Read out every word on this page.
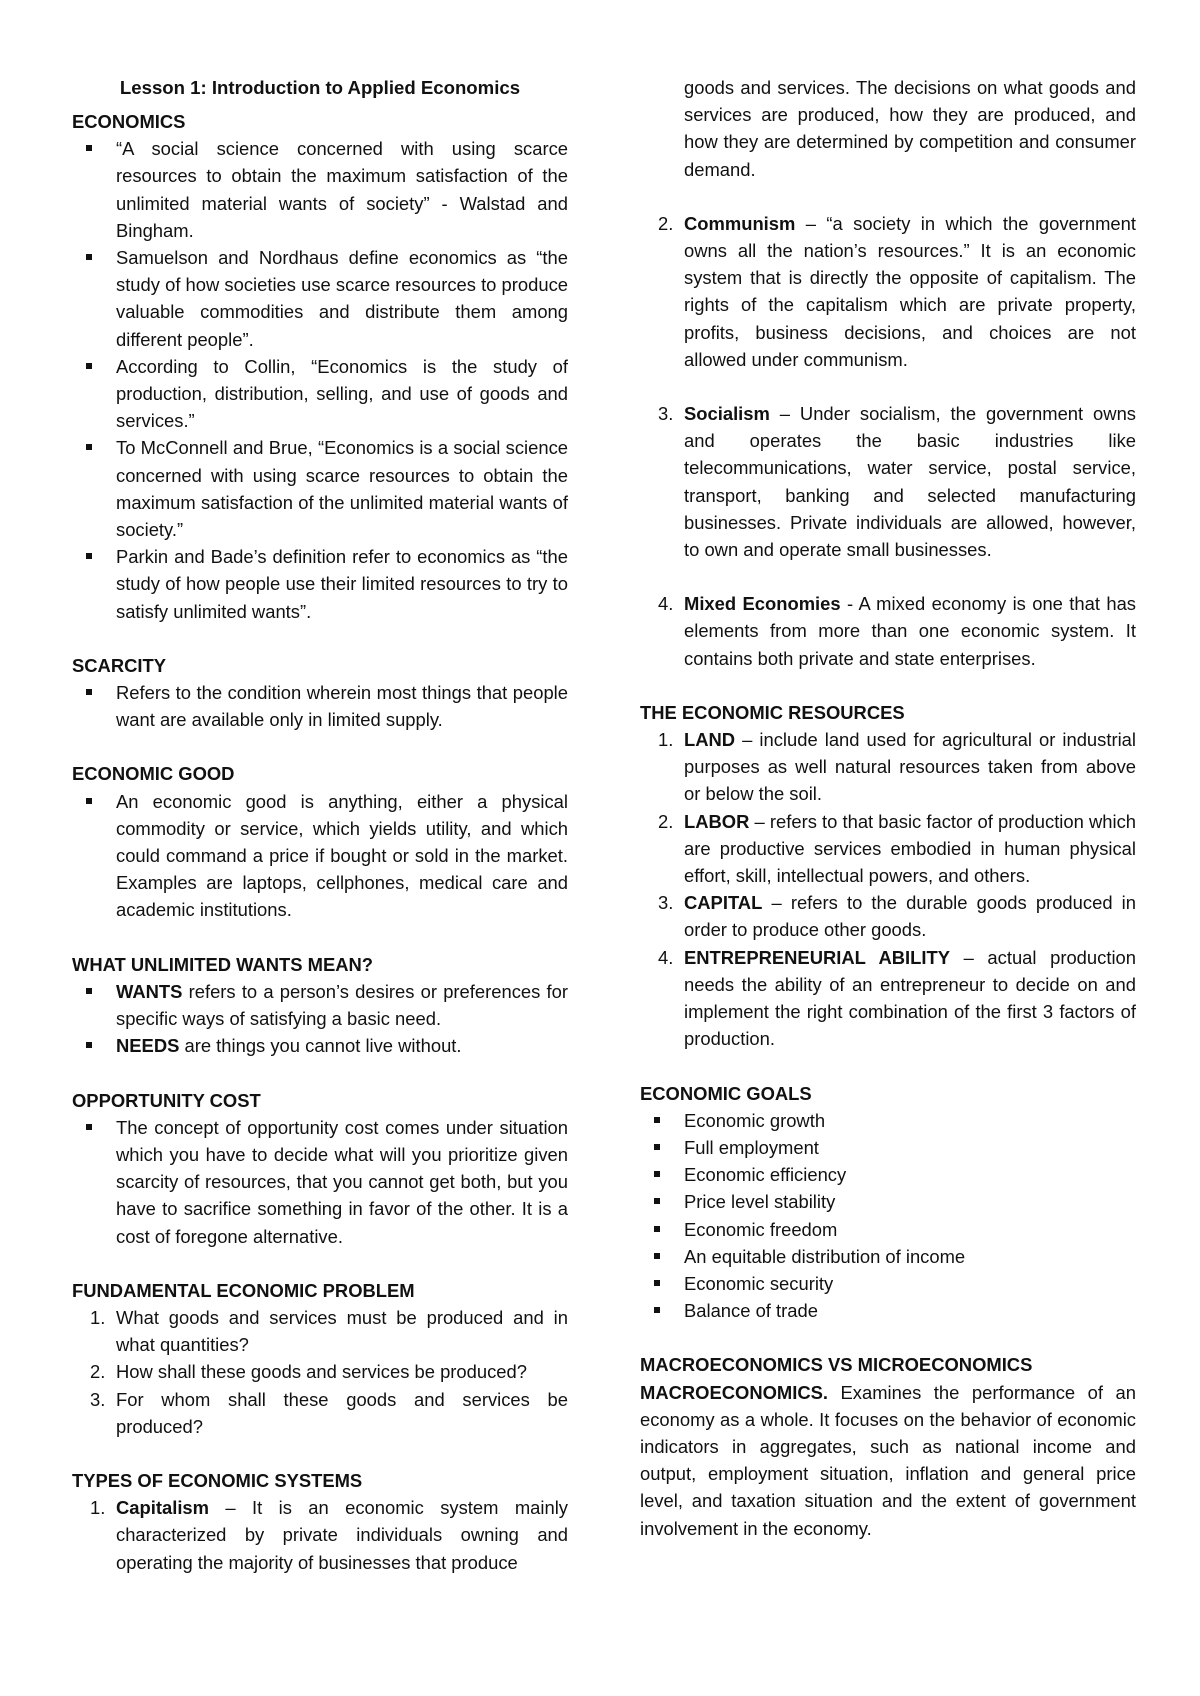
Lesson 1: Introduction to Applied Economics
ECONOMICS
“A social science concerned with using scarce resources to obtain the maximum satisfaction of the unlimited material wants of society” - Walstad and Bingham.
Samuelson and Nordhaus define economics as “the study of how societies use scarce resources to produce valuable commodities and distribute them among different people”.
According to Collin, “Economics is the study of production, distribution, selling, and use of goods and services.”
To McConnell and Brue, “Economics is a social science concerned with using scarce resources to obtain the maximum satisfaction of the unlimited material wants of society.”
Parkin and Bade’s definition refer to economics as “the study of how people use their limited resources to try to satisfy unlimited wants”.
SCARCITY
Refers to the condition wherein most things that people want are available only in limited supply.
ECONOMIC GOOD
An economic good is anything, either a physical commodity or service, which yields utility, and which could command a price if bought or sold in the market. Examples are laptops, cellphones, medical care and academic institutions.
WHAT UNLIMITED WANTS MEAN?
WANTS refers to a person’s desires or preferences for specific ways of satisfying a basic need.
NEEDS are things you cannot live without.
OPPORTUNITY COST
The concept of opportunity cost comes under situation which you have to decide what will you prioritize given scarcity of resources, that you cannot get both, but you have to sacrifice something in favor of the other. It is a cost of foregone alternative.
FUNDAMENTAL ECONOMIC PROBLEM
1. What goods and services must be produced and in what quantities?
2. How shall these goods and services be produced?
3. For whom shall these goods and services be produced?
TYPES OF ECONOMIC SYSTEMS
1. Capitalism – It is an economic system mainly characterized by private individuals owning and operating the majority of businesses that produce
goods and services. The decisions on what goods and services are produced, how they are produced, and how they are determined by competition and consumer demand.
2. Communism – “a society in which the government owns all the nation’s resources.” It is an economic system that is directly the opposite of capitalism. The rights of the capitalism which are private property, profits, business decisions, and choices are not allowed under communism.
3. Socialism – Under socialism, the government owns and operates the basic industries like telecommunications, water service, postal service, transport, banking and selected manufacturing businesses. Private individuals are allowed, however, to own and operate small businesses.
4. Mixed Economies - A mixed economy is one that has elements from more than one economic system. It contains both private and state enterprises.
THE ECONOMIC RESOURCES
1. LAND – include land used for agricultural or industrial purposes as well natural resources taken from above or below the soil.
2. LABOR – refers to that basic factor of production which are productive services embodied in human physical effort, skill, intellectual powers, and others.
3. CAPITAL – refers to the durable goods produced in order to produce other goods.
4. ENTREPRENEURIAL ABILITY – actual production needs the ability of an entrepreneur to decide on and implement the right combination of the first 3 factors of production.
ECONOMIC GOALS
Economic growth
Full employment
Economic efficiency
Price level stability
Economic freedom
An equitable distribution of income
Economic security
Balance of trade
MACROECONOMICS VS MICROECONOMICS

MACROECONOMICS. Examines the performance of an economy as a whole. It focuses on the behavior of economic indicators in aggregates, such as national income and output, employment situation, inflation and general price level, and taxation situation and the extent of government involvement in the economy.
